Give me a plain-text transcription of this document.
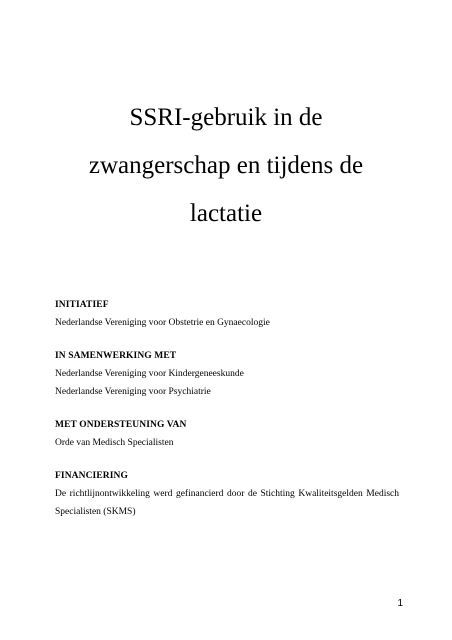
SSRI-gebruik in de
zwangerschap en tijdens de
lactatie
INITIATIEF
Nederlandse Vereniging voor Obstetrie en Gynaecologie
IN SAMENWERKING MET
Nederlandse Vereniging voor Kindergeneeskunde
Nederlandse Vereniging voor Psychiatrie
MET ONDERSTEUNING VAN
Orde van Medisch Specialisten
FINANCIERING
De richtlijnontwikkeling werd gefinancierd door de Stichting Kwaliteitsgelden Medisch Specialisten (SKMS)
1
